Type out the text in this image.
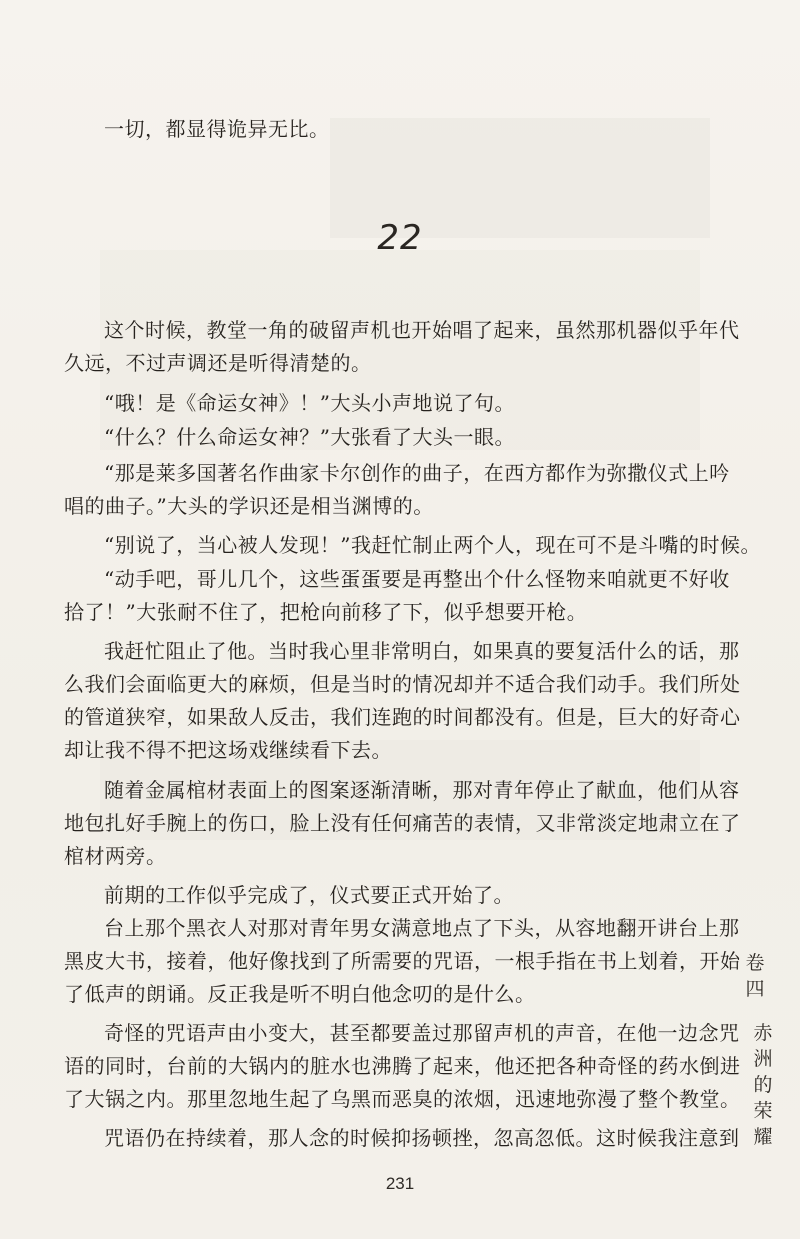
一切，都显得诡异无比。
22
这个时候，教堂一角的破留声机也开始唱了起来，虽然那机器似乎年代
久远，不过声调还是听得清楚的。
“哦！是《命运女神》！”大头小声地说了句。
“什么？什么命运女神？”大张看了大头一眼。
“那是莱多国著名作曲家卡尔创作的曲子，在西方都作为弥撒仪式上吟
唱的曲子。”大头的学识还是相当渊博的。
“别说了，当心被人发现！”我赶忙制止两个人，现在可不是斗嘴的时候。
“动手吧，哥儿几个，这些蛋蛋要是再整出个什么怪物来咱就更不好收
拾了！”大张耐不住了，把枪向前移了下，似乎想要开枪。
我赶忙阻止了他。当时我心里非常明白，如果真的要复活什么的话，那
么我们会面临更大的麻烦，但是当时的情况却并不适合我们动手。我们所处
的管道狭窄，如果敌人反击，我们连跑的时间都没有。但是，巨大的好奇心
却让我不得不把这场戏继续看下去。
随着金属棺材表面上的图案逐渐清晰，那对青年停止了献血，他们从容
地包扎好手腕上的伤口，脸上没有任何痛苦的表情，又非常淡定地肃立在了
棺材两旁。
前期的工作似乎完成了，仪式要正式开始了。
台上那个黑衣人对那对青年男女满意地点了下头，从容地翻开讲台上那
黑皮大书，接着，他好像找到了所需要的咒语，一根手指在书上划着，开始
了低声的朗诵。反正我是听不明白他念叨的是什么。
奇怪的咒语声由小变大，甚至都要盖过那留声机的声音，在他一边念咒
语的同时，台前的大锅内的脏水也沸腾了起来，他还把各种奇怪的药水倒进
了大锅之内。那里忽地生起了乌黑而恶臭的浓烟，迅速地弥漫了整个教堂。
咒语仍在持续着，那人念的时候抑扬顿挫，忽高忽低。这时候我注意到
卷
四
赤
洲
的
荣
耀
231
